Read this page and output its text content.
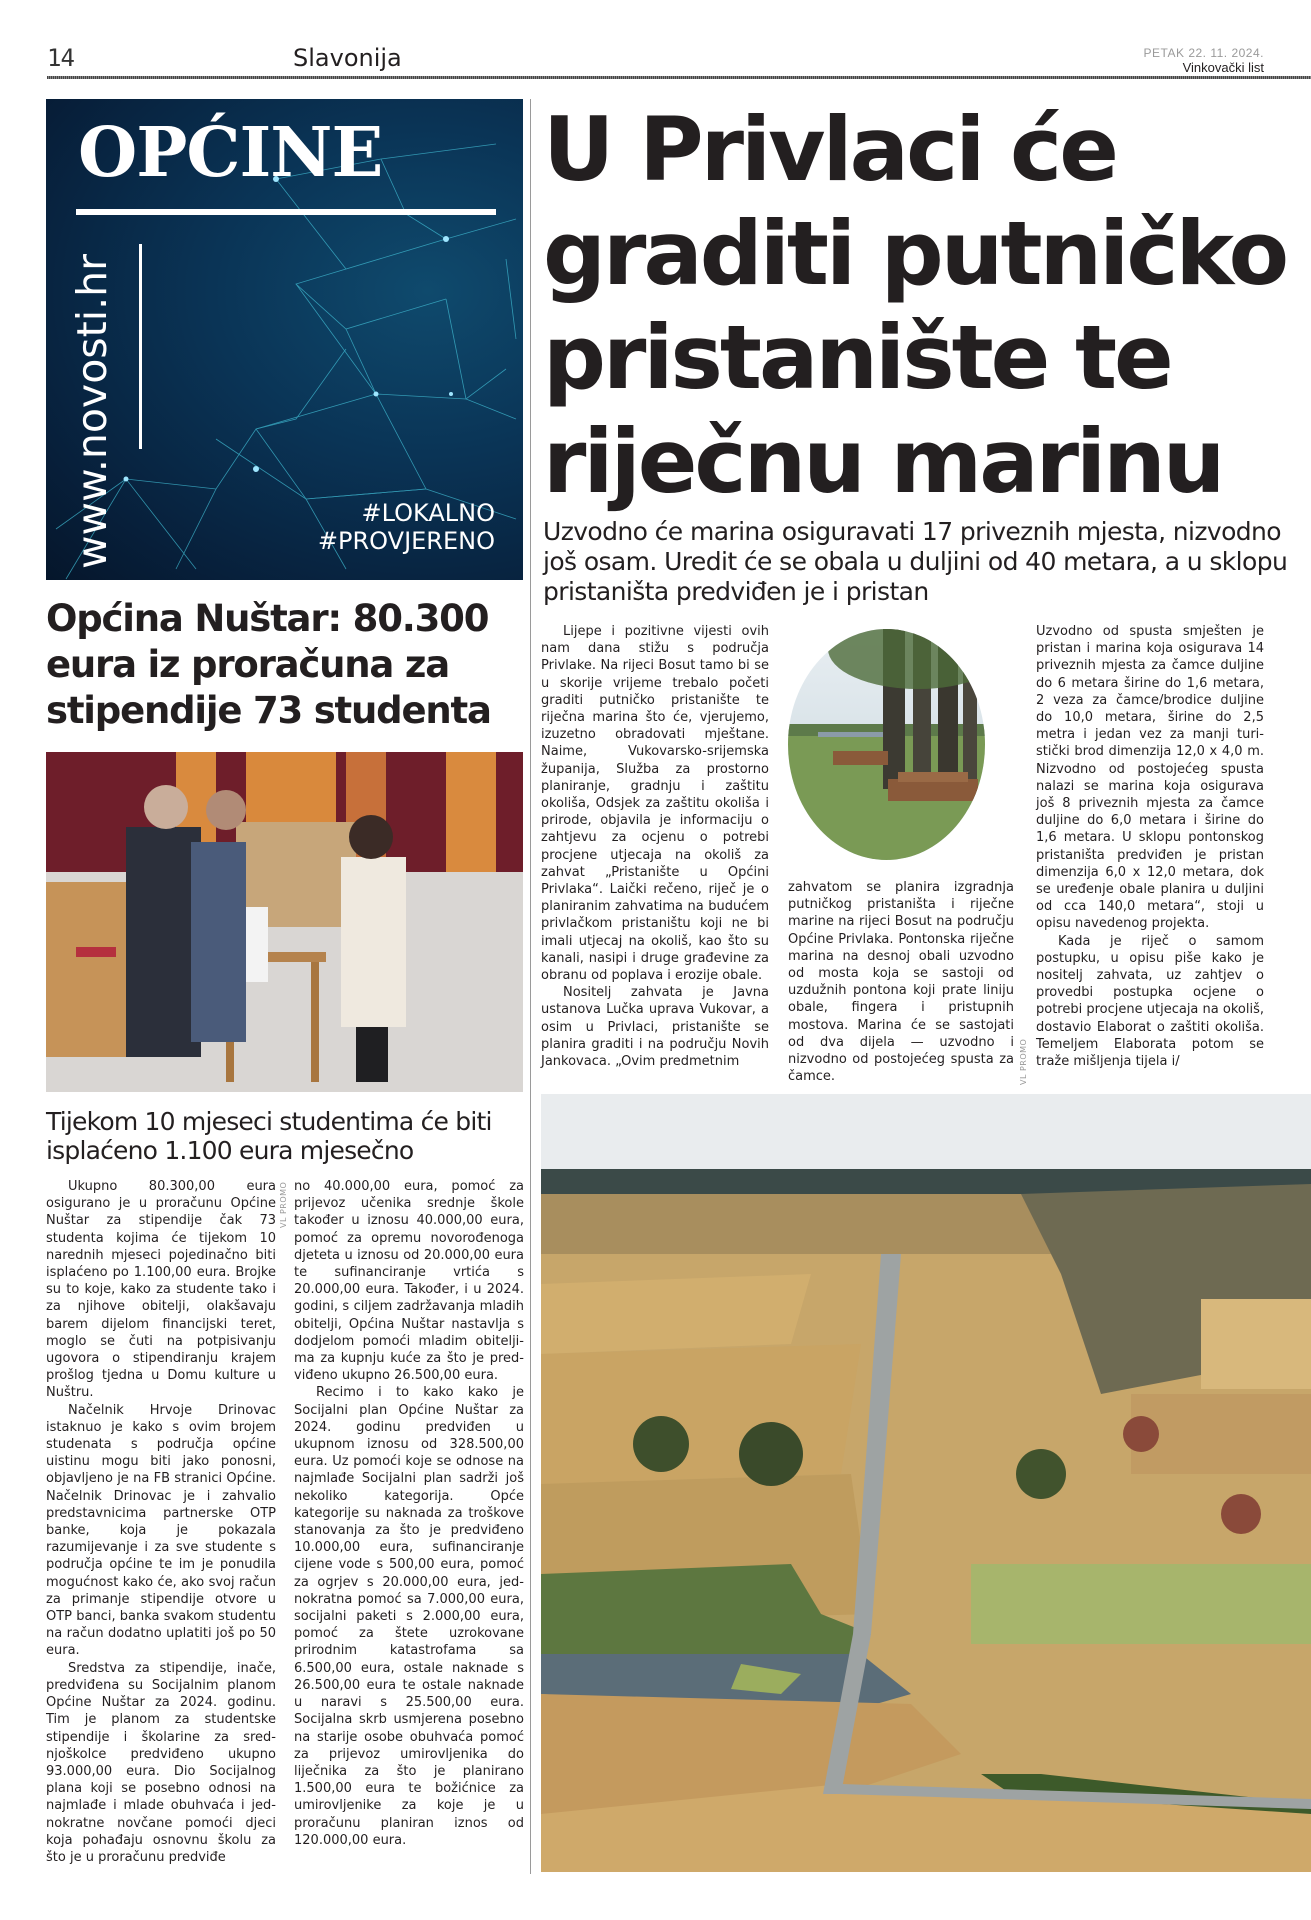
14	Slavonija	PETAK 22. 11. 2024.
Vinkovački list
OPĆINE
www.novosti.hr	#LOKALNO
#PROVJERENO
U Privlaci će
graditi putničko
pristanište te
riječnu marinu
Uzvodno će marina osiguravati 17 priveznih mjesta, nizvodno još osam. Uredit će se obala u duljini od 40 metara, a u sklopu pristaništa predviđen je i pristan

Lijepe i pozitivne vijesti ovih nam dana stižu s područja Privlake. Na rijeci Bosut tamo bi se u skorije vrijeme trebalo početi graditi putničko pristanište te riječna marina što će, vjerujemo, izuzetno obradovati mještane. Naime, Vukovarsko-srijemska županija, Služba za prostorno planiranje, gradnju i zaštitu okoliša, Odsjek za zaštitu okoliša i prirode, objavila je informaciju o zahtjevu za ocjenu o potrebi procjene utjecaja na okoliš za zahvat „Pristanište u Općini Privlaka“. Laički rečeno, riječ je o planiranim zahvatima na budućem privlačkom pristaništu koji ne bi imali utjecaj na okoliš, kao što su kanali, nasipi i druge građevine za obranu od poplava i erozije obale.

Nositelj zahvata je Javna ustanova Lučka uprava Vukovar, a osim u Privlaci, pristanište se planira graditi i na području Novih Jankovaca. „Ovim predmetnim

zahvatom se planira izgradnja putničkog pristaništa i riječne marine na rijeci Bosut na području Općine Privlaka. Pontonska riječne marina na desnoj obali uzvodno od mosta koja se sastoji od uzdužnih pontona koji prate liniju obale, fingera i pristupnih mostova. Marina će se sastojati od dva dijela — uzvodno i nizvodno od postojećeg spusta za čamce.	VL PROMO

Uzvodno od spusta smješten je pristan i marina koja osigurava 14 priveznih mjesta za čamce duljine do 6 metara širine do 1,6 metara, 2 veza za čamce/brodice duljine do 10,0 metara, širine do 2,5 metra i jedan vez za manji turistički brod dimenzija 12,0 x 4,0 m. Nizvodno od postojećeg spusta nalazi se marina koja osigurava još 8 priveznih mjesta za čamce duljine do 6,0 metara i širine do 1,6 metara. U sklopu pontonskog pristaništa predviđen je pristan dimenzija 6,0 x 12,0 metara, dok se uređenje obale planira u duljini od cca 140,0 metara“, stoji u opisu navedenog projekta.

Kada je riječ o samom postupku, u opisu piše kako je nositelj zahvata, uz zahtjev o provedbi postupka ocjene o potrebi procjene utjecaja na okoliš, dostavio Elaborat o zaštiti okoliša. Temeljem Elaborata potom se traže mišljenja tijela i/

Općina Nuštar: 80.300 eura iz proračuna za stipendije 73 studenta
Tijekom 10 mjeseci studentima će biti isplaćeno 1.100 eura mjesečno

Ukupno 80.300,00 eura osigurano je u proračunu Općine Nuštar za stipendije čak 73 studenta kojima će tijekom 10 narednih mjeseci pojedinačno biti isplaćeno po 1.100,00 eura. Brojke su to koje, kako za studente tako i za njihove obitelji, olakšavaju barem dijelom financijski teret, moglo se čuti na potpisivanju ugovora o stipendiranju krajem prošlog tjedna u Domu kulture u Nuštru.

Načelnik Hrvoje Drinovac istaknuo je kako s ovim brojem studenata s područja općine uistinu mogu biti jako ponosni, objavljeno je na FB stranici Općine. Načelnik Drinovac je i zahvalio predstavnicima partnerske OTP banke, koja je pokazala razumijevanje i za sve studente s područja općine te im je ponudila mogućnost kako će, ako svoj račun za primanje stipendije otvore u OTP banci, banka svakom studentu na račun dodatno uplatiti još po 50 eura.

Sredstva za stipendije, inače, predviđena su Socijalnim planom Općine Nuštar za 2024. godinu. Tim je planom za studentske stipendije i školarine za srednjoškolce predviđeno ukupno 93.000,00 eura. Dio Socijalnog plana koji se posebno odnosi na najmlađe i mlade obuhvaća i jednokratne novčane pomoći djeci koja pohađaju osnovnu školu za što je u proračunu predviđe

VL PROMO no 40.000,00 eura, pomoć za prijevoz učenika srednje škole također u iznosu 40.000,00 eura, pomoć za opremu novorođenoga djeteta u iznosu od 20.000,00 eura te sufinanciranje vrtića s 20.000,00 eura. Također, i u 2024. godini, s ciljem zadržavanja mladih obitelji, Općina Nuštar nastavlja s dodjelom pomoći mladim obiteljima za kupnju kuće za što je predviđeno ukupno 26.500,00 eura.

Recimo i to kako kako je Socijalni plan Općine Nuštar za 2024. godinu predviđen u ukupnom iznosu od 328.500,00 eura. Uz pomoći koje se odnose na najmlađe Socijalni plan sadrži još nekoliko kategorija. Opće kategorije su naknada za troškove stanovanja za što je predviđeno 10.000,00 eura, sufinanciranje cijene vode s 500,00 eura, pomoć za ogrjev s 20.000,00 eura, jednokratna pomoć sa 7.000,00 eura, socijalni paketi s 2.000,00 eura, pomoć za štete uzrokovane prirodnim katastrofama sa 6.500,00 eura, ostale naknade s 26.500,00 eura te ostale naknade u naravi s 25.500,00 eura. Socijalna skrb usmjerena posebno na starije osobe obuhvaća pomoć za prijevoz umirovljenika do liječnika za što je planirano 1.500,00 eura te božićnice za umirovljenike za koje je u proračunu planiran iznos od 120.000,00 eura.
